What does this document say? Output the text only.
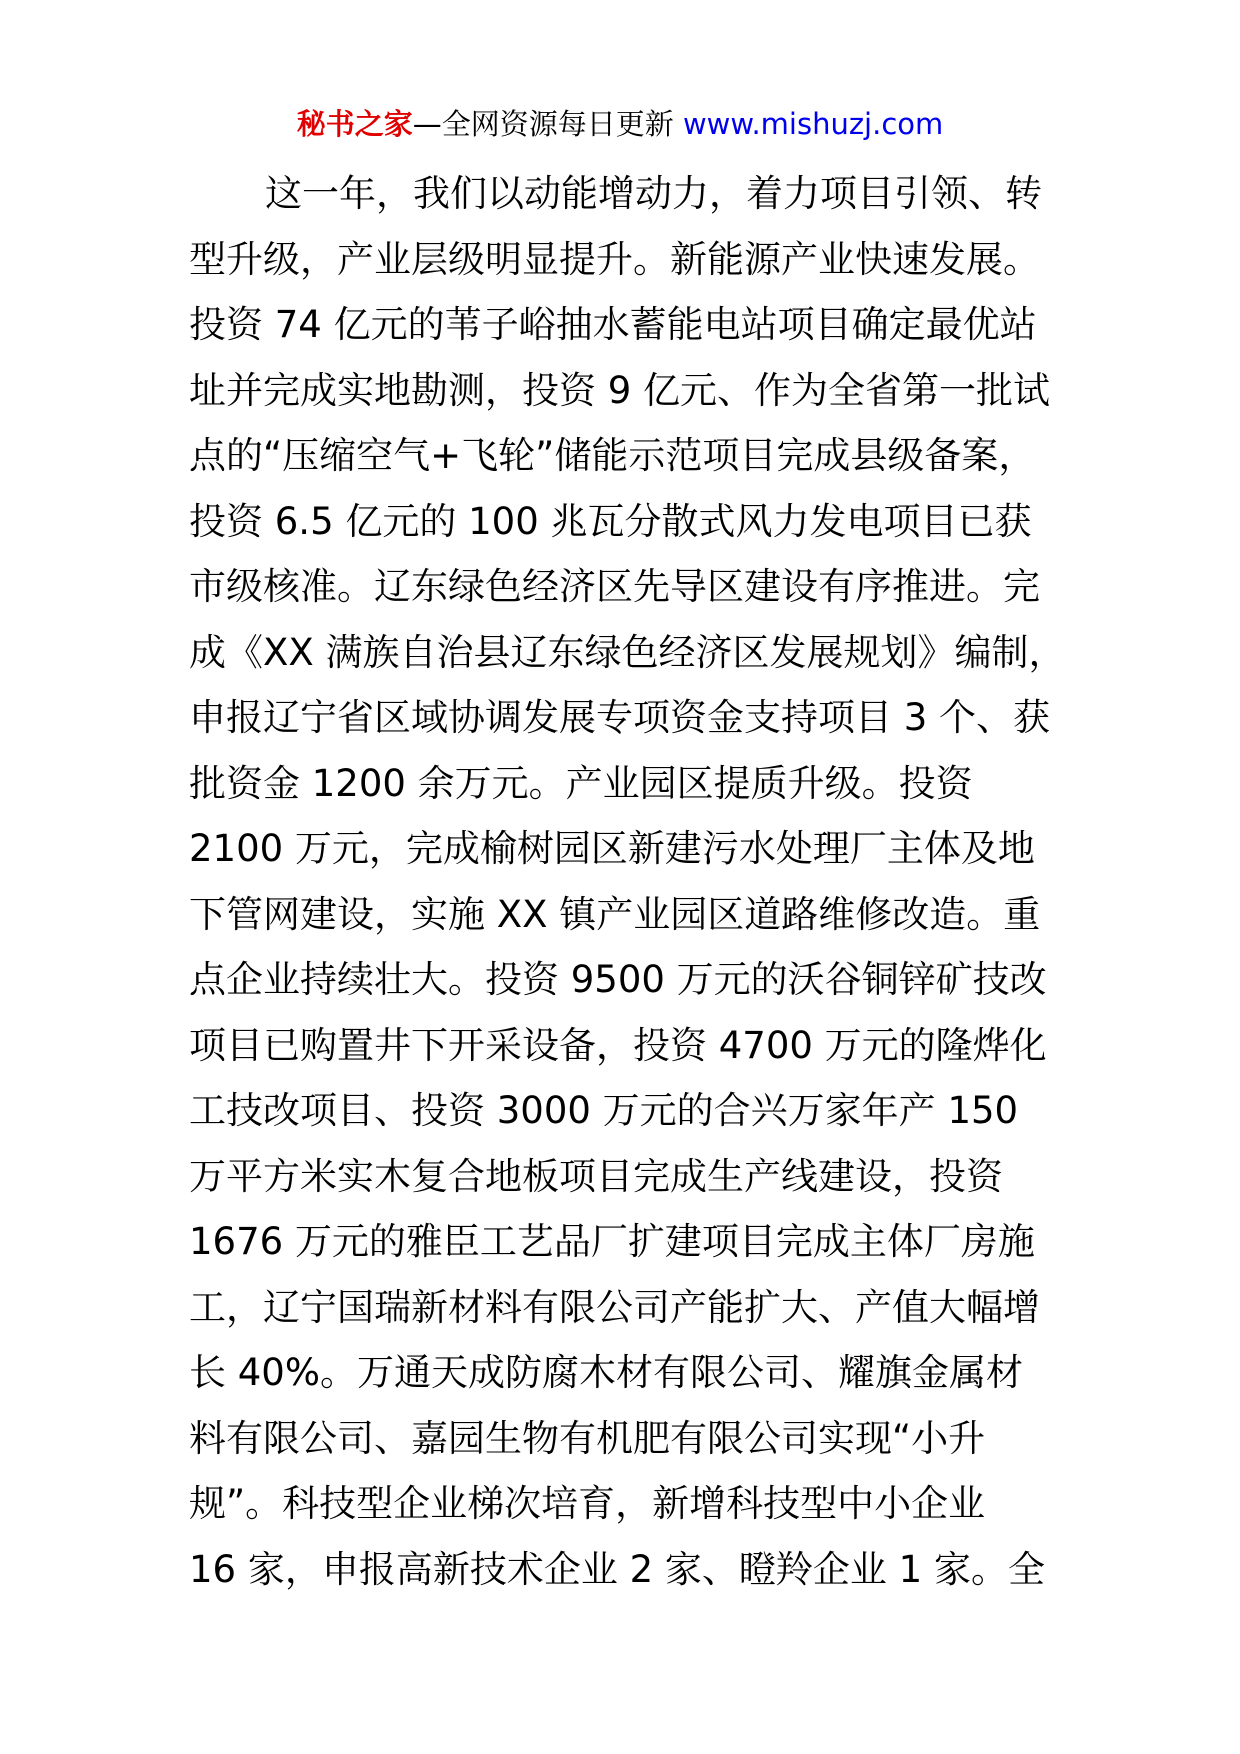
秘书之家—全网资源每日更新 www.mishuzj.com
这一年，我们以动能增动力，着力项目引领、转
型升级，产业层级明显提升。新能源产业快速发展。
投资 74 亿元的苇子峪抽水蓄能电站项目确定最优站
址并完成实地勘测，投资 9 亿元、作为全省第一批试
点的“压缩空气+飞轮”储能示范项目完成县级备案，
投资 6.5 亿元的 100 兆瓦分散式风力发电项目已获
市级核准。辽东绿色经济区先导区建设有序推进。完
成《XX 满族自治县辽东绿色经济区发展规划》编制，
申报辽宁省区域协调发展专项资金支持项目 3 个、获
批资金 1200 余万元。产业园区提质升级。投资
2100 万元，完成榆树园区新建污水处理厂主体及地
下管网建设，实施 XX 镇产业园区道路维修改造。重
点企业持续壮大。投资 9500 万元的沃谷铜锌矿技改
项目已购置井下开采设备，投资 4700 万元的隆烨化
工技改项目、投资 3000 万元的合兴万家年产 150
万平方米实木复合地板项目完成生产线建设，投资
1676 万元的雅臣工艺品厂扩建项目完成主体厂房施
工，辽宁国瑞新材料有限公司产能扩大、产值大幅增
长 40%。万通天成防腐木材有限公司、耀旗金属材
料有限公司、嘉园生物有机肥有限公司实现“小升
规”。科技型企业梯次培育，新增科技型中小企业
16 家，申报高新技术企业 2 家、瞪羚企业 1 家。全
